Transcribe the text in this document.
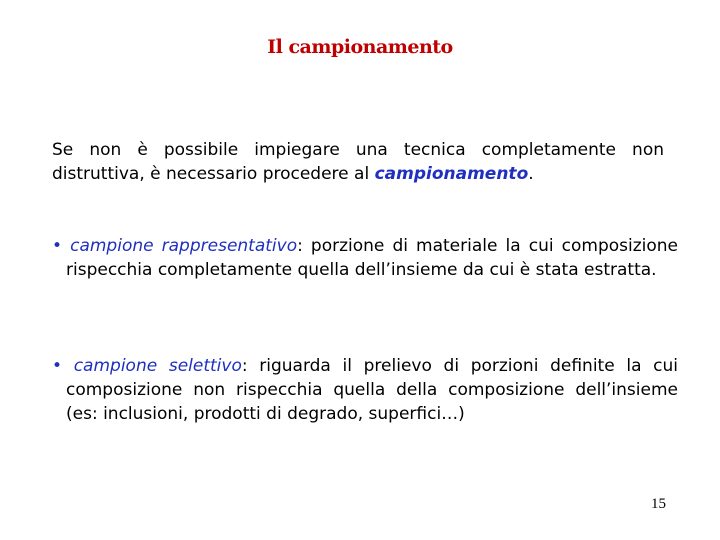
Il campionamento
Se non è possibile impiegare una tecnica completamente non distruttiva, è necessario procedere al campionamento.
• campione rappresentativo: porzione di materiale la cui composizione rispecchia completamente quella dell’insieme da cui è stata estratta.
• campione selettivo: riguarda il prelievo di porzioni definite la cui composizione non rispecchia quella della composizione dell’insieme (es: inclusioni, prodotti di degrado, superfici…)
15
